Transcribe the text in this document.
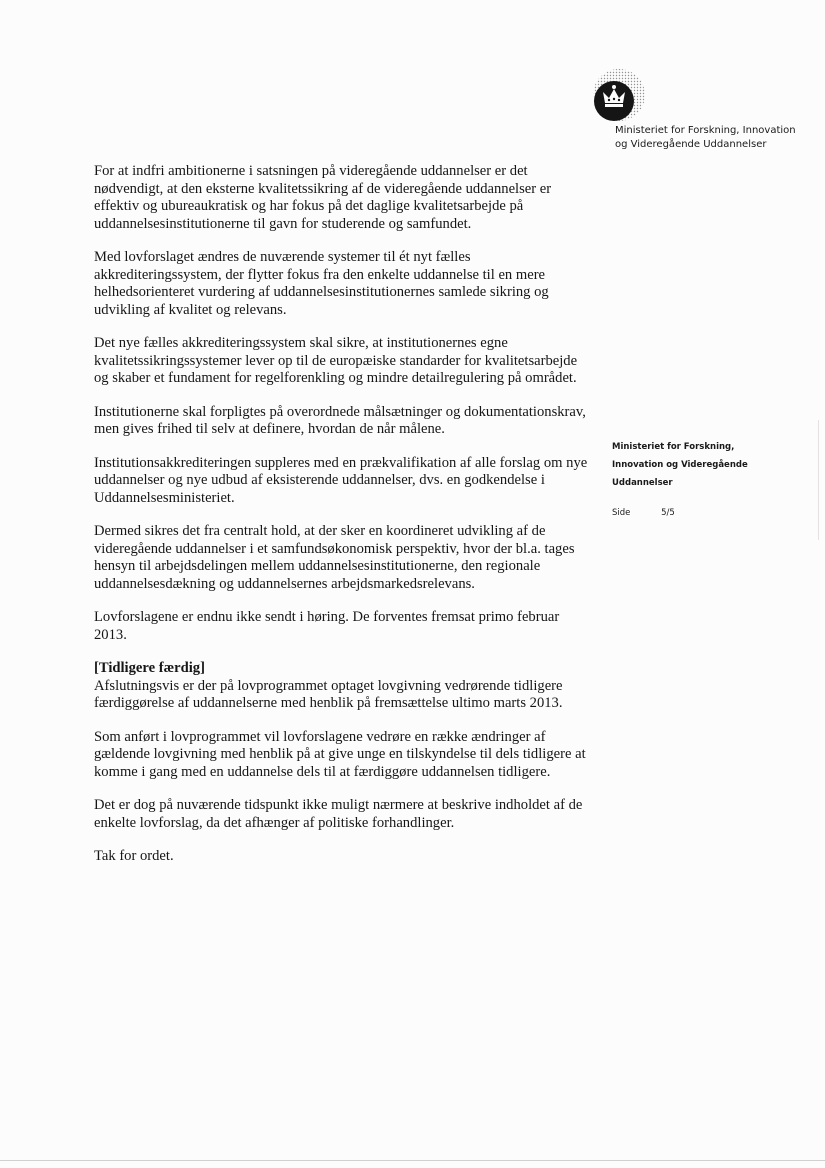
Ministeriet for Forskning, Innovation
og Videregående Uddannelser

For at indfri ambitionerne i satsningen på videregående uddannelser er det nødvendigt, at den eksterne kvalitetssikring af de videregående uddannelser er effektiv og ubureaukratisk og har fokus på det daglige kvalitetsarbejde på uddannelsesinstitutionerne til gavn for studerende og samfundet.

Med lovforslaget ændres de nuværende systemer til ét nyt fælles akkrediteringssystem, der flytter fokus fra den enkelte uddannelse til en mere helhedsorienteret vurdering af uddannelsesinstitutionernes samlede sikring og udvikling af kvalitet og relevans.

Det nye fælles akkrediteringssystem skal sikre, at institutionernes egne kvalitetssikringssystemer lever op til de europæiske standarder for kvalitetsarbejde og skaber et fundament for regelforenkling og mindre detailregulering på området.

Institutionerne skal forpligtes på overordnede målsætninger og dokumentationskrav, men gives frihed til selv at definere, hvordan de når målene.

Institutionsakkrediteringen suppleres med en prækvalifikation af alle forslag om nye uddannelser og nye udbud af eksisterende uddannelser, dvs. en godkendelse i Uddannelsesministeriet.

Dermed sikres det fra centralt hold, at der sker en koordineret udvikling af de videregående uddannelser i et samfundsøkonomisk perspektiv, hvor der bl.a. tages hensyn til arbejdsdelingen mellem uddannelsesinstitutionerne, den regionale uddannelsesdækning og uddannelsernes arbejdsmarkedsrelevans.

Lovforslagene er endnu ikke sendt i høring. De forventes fremsat primo februar 2013.

[Tidligere færdig]

Afslutningsvis er der på lovprogrammet optaget lovgivning vedrørende tidligere færdiggørelse af uddannelserne med henblik på fremsættelse ultimo marts 2013.

Som anført i lovprogrammet vil lovforslagene vedrøre en række ændringer af gældende lovgivning med henblik på at give unge en tilskyndelse til dels tidligere at komme i gang med en uddannelse dels til at færdiggøre uddannelsen tidligere.

Det er dog på nuværende tidspunkt ikke muligt nærmere at beskrive indholdet af de enkelte lovforslag, da det afhænger af politiske forhandlinger.

Tak for ordet.

Ministeriet for Forskning,
Innovation og Videregående
Uddannelser
Side	5/5
